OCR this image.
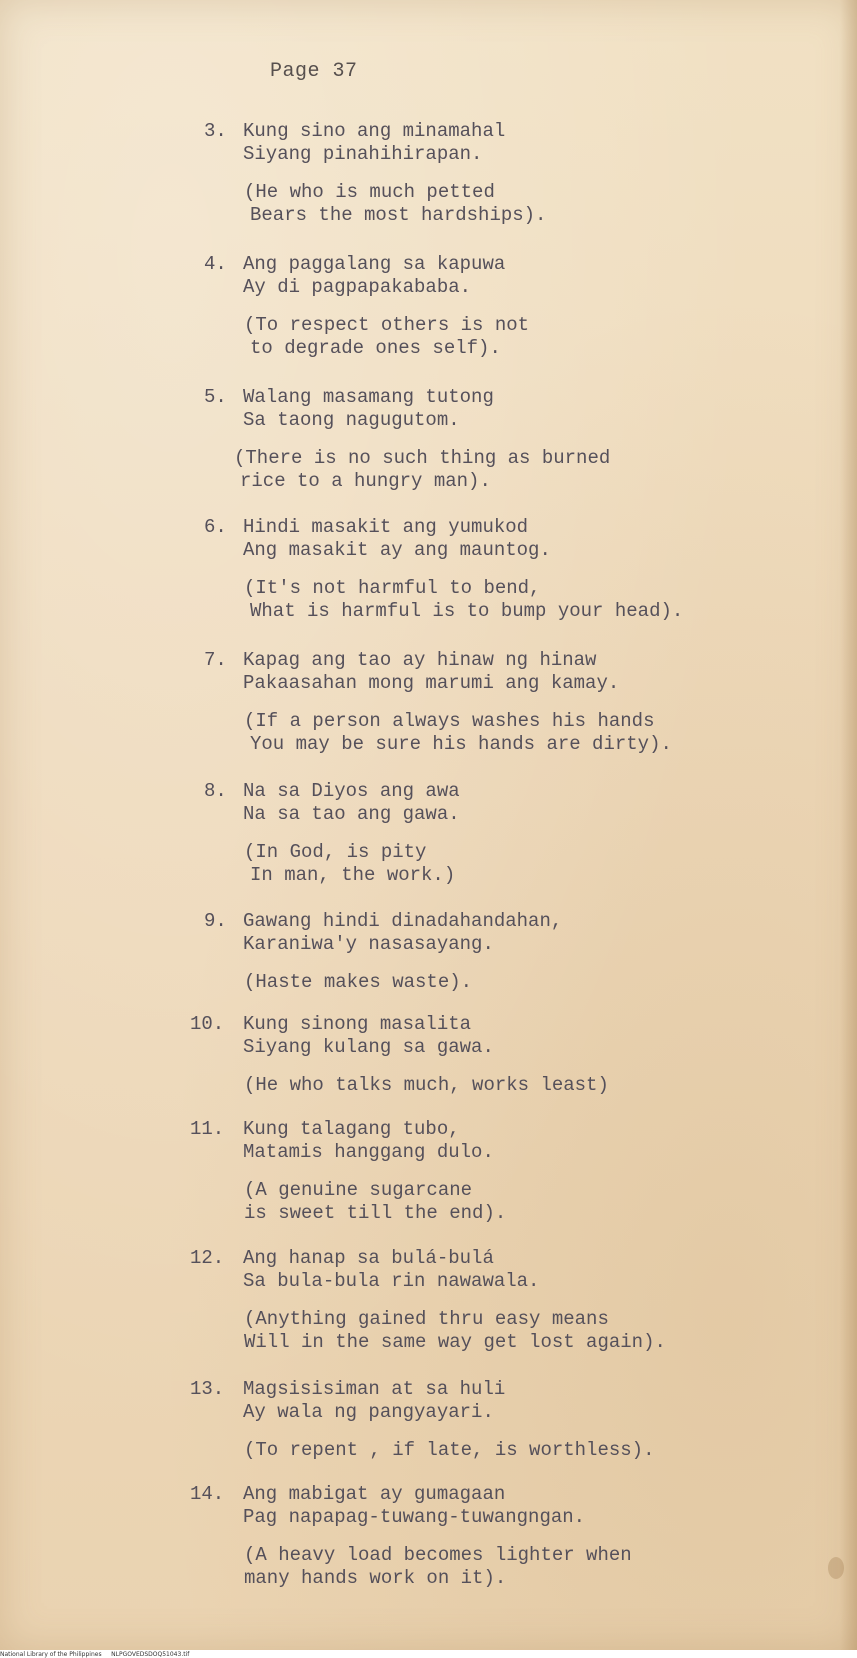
Page 37
3. Kung sino ang minamahal
Siyang pinahihirapan.
(He who is much petted
Bears the most hardships).
4. Ang paggalang sa kapuwa
Ay di pagpapakababa.
(To respect others is not
to degrade ones self).
5. Walang masamang tutong
Sa taong nagugutom.
(There is no such thing as burned
rice to a hungry man).
6. Hindi masakit ang yumukod
Ang masakit ay ang mauntog.
(It's not harmful to bend,
What is harmful is to bump your head).
7. Kapag ang tao ay hinaw ng hinaw
Pakaasahan mong marumi ang kamay.
(If a person always washes his hands
You may be sure his hands are dirty).
8. Na sa Diyos ang awa
Na sa tao ang gawa.
(In God, is pity
In man, the work.)
9. Gawang hindi dinadahandahan,
Karaniwa'y nasasayang.
(Haste makes waste).
10. Kung sinong masalita
Siyang kulang sa gawa.
(He who talks much, works least)
11. Kung talagang tubo,
Matamis hanggang dulo.
(A genuine sugarcane
is sweet till the end).
12. Ang hanap sa bulá-bulá
Sa bula-bula rin nawawala.
(Anything gained thru easy means
Will in the same way get lost again).
13. Magsisisiman at sa huli
Ay wala ng pangyayari.
(To repent , if late, is worthless).
14. Ang mabigat ay gumagaan
Pag napapag-tuwang-tuwangngan.
(A heavy load becomes lighter when
many hands work on it).
National Library of the Philippines NLPGOVEDSDOQ51043.tif
